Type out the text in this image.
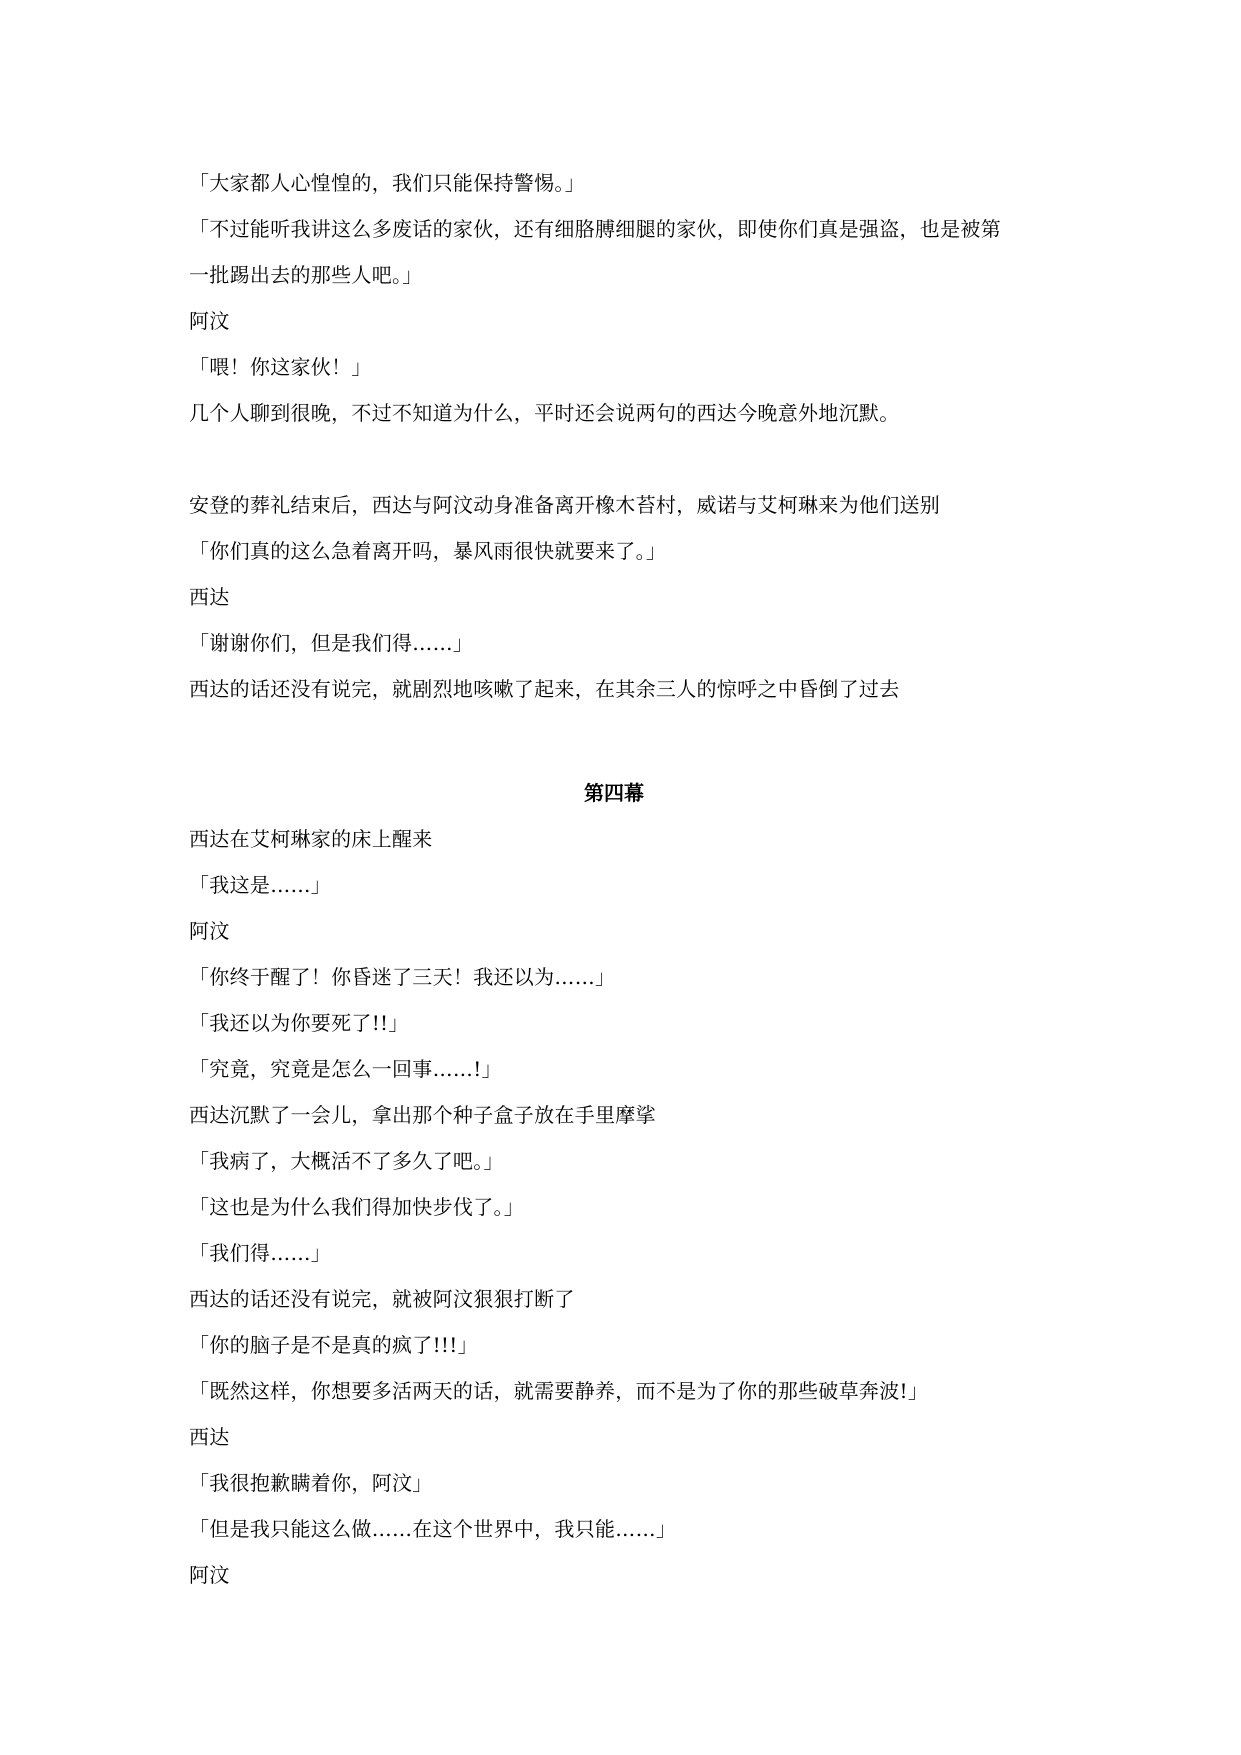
「大家都人心惶惶的，我们只能保持警惕。」
「不过能听我讲这么多废话的家伙，还有细胳膊细腿的家伙，即使你们真是强盗，也是被第
一批踢出去的那些人吧。」
阿汶
「喂！你这家伙！」
几个人聊到很晚，不过不知道为什么，平时还会说两句的西达今晚意外地沉默。
安登的葬礼结束后，西达与阿汶动身准备离开橡木苔村，威诺与艾柯琳来为他们送别
「你们真的这么急着离开吗，暴风雨很快就要来了。」
西达
「谢谢你们，但是我们得……」
西达的话还没有说完，就剧烈地咳嗽了起来，在其余三人的惊呼之中昏倒了过去
第四幕
西达在艾柯琳家的床上醒来
「我这是……」
阿汶
「你终于醒了！你昏迷了三天！我还以为……」
「我还以为你要死了!!」
「究竟，究竟是怎么一回事……!」
西达沉默了一会儿，拿出那个种子盒子放在手里摩挲
「我病了，大概活不了多久了吧。」
「这也是为什么我们得加快步伐了。」
「我们得……」
西达的话还没有说完，就被阿汶狠狠打断了
「你的脑子是不是真的疯了!!!」
「既然这样，你想要多活两天的话，就需要静养，而不是为了你的那些破草奔波!」
西达
「我很抱歉瞒着你，阿汶」
「但是我只能这么做……在这个世界中，我只能……」
阿汶
